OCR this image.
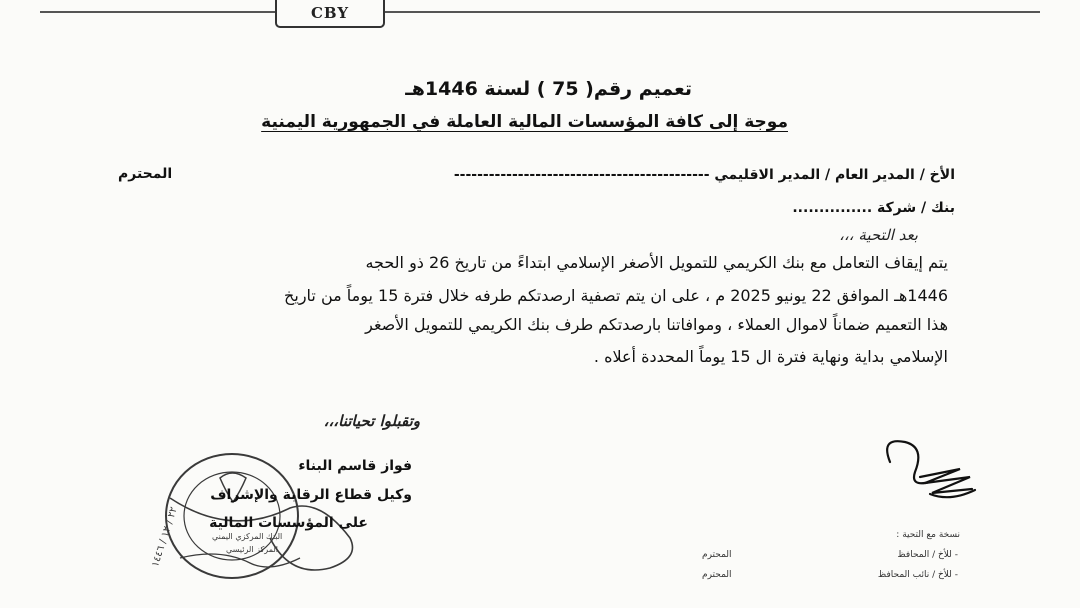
CBY
تعميم رقم( 75 ) لسنة 1446هـ
موجة إلى كافة المؤسسات المالية العاملة في الجمهورية اليمنية
الأخ / المدير العام / المدير الاقليمي --------------------------------------------
المحترم
بنك / شركة ...............
بعد التحية ،،،
يتم إيقاف التعامل مع بنك الكريمي للتمويل الأصغر الإسلامي ابتداءً من تاريخ 26 ذو الحجه
1446هـ الموافق 22 يونيو 2025 م ، على ان يتم تصفية ارصدتكم طرفه خلال فترة 15 يوماً من تاريخ
هذا التعميم ضماناً لاموال العملاء ، وموافاتنا بارصدتكم طرف بنك الكريمي للتمويل الأصغر
الإسلامي بداية ونهاية فترة ال 15 يوماً المحددة أعلاه .
وتقبلوا تحياتنا،،،
البنك المركزي اليمني
المركز الرئيسي
٢٢ / ١٢ / ١٤٤٦
فواز قاسم البناء
وكيل قطاع الرقابة والإشراف
على المؤسسات المالية
نسخة مع التحية :
- للأخ / المحافظ
المحترم
- للأخ / نائب المحافظ
المحترم
